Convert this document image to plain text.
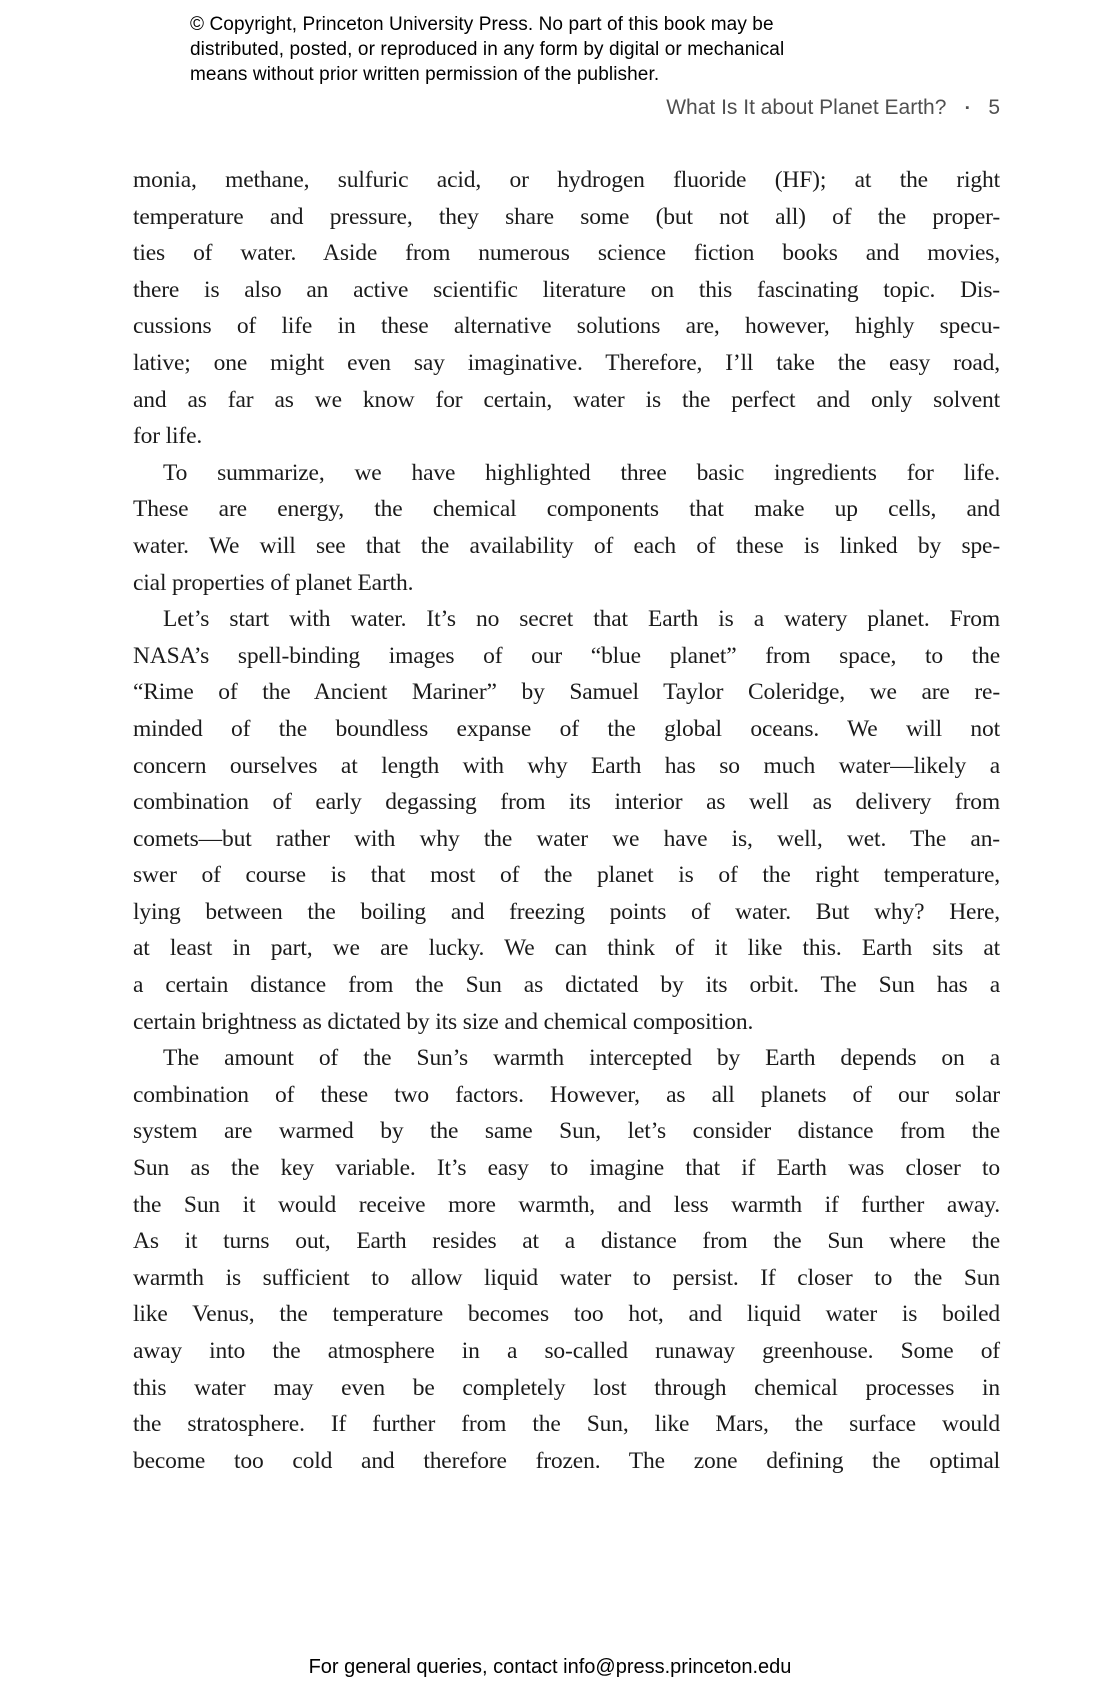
© Copyright, Princeton University Press. No part of this book may be
distributed, posted, or reproduced in any form by digital or mechanical
means without prior written permission of the publisher.
What Is It about Planet Earth? ▪ 5
monia, methane, sulfuric acid, or hydrogen fluoride (HF); at the right
temperature and pressure, they share some (but not all) of the proper-
ties of water. Aside from numerous science fiction books and movies,
there is also an active scientific literature on this fascinating topic. Dis-
cussions of life in these alternative solutions are, however, highly specu-
lative; one might even say imaginative. Therefore, I’ll take the easy road,
and as far as we know for certain, water is the perfect and only solvent
for life.
To summarize, we have highlighted three basic ingredients for life.
These are energy, the chemical components that make up cells, and
water. We will see that the availability of each of these is linked by spe-
cial properties of planet Earth.
Let’s start with water. It’s no secret that Earth is a watery planet. From
NASA’s spell-binding images of our “blue planet” from space, to the
“Rime of the Ancient Mariner” by Samuel Taylor Coleridge, we are re-
minded of the boundless expanse of the global oceans. We will not
concern ourselves at length with why Earth has so much water—likely a
combination of early degassing from its interior as well as delivery from
comets—but rather with why the water we have is, well, wet. The an-
swer of course is that most of the planet is of the right temperature,
lying between the boiling and freezing points of water. But why? Here,
at least in part, we are lucky. We can think of it like this. Earth sits at
a certain distance from the Sun as dictated by its orbit. The Sun has a
certain brightness as dictated by its size and chemical composition.
The amount of the Sun’s warmth intercepted by Earth depends on a
combination of these two factors. However, as all planets of our solar
system are warmed by the same Sun, let’s consider distance from the
Sun as the key variable. It’s easy to imagine that if Earth was closer to
the Sun it would receive more warmth, and less warmth if further away.
As it turns out, Earth resides at a distance from the Sun where the
warmth is sufficient to allow liquid water to persist. If closer to the Sun
like Venus, the temperature becomes too hot, and liquid water is boiled
away into the atmosphere in a so-called runaway greenhouse. Some of
this water may even be completely lost through chemical processes in
the stratosphere. If further from the Sun, like Mars, the surface would
become too cold and therefore frozen. The zone defining the optimal
For general queries, contact info@press.princeton.edu
